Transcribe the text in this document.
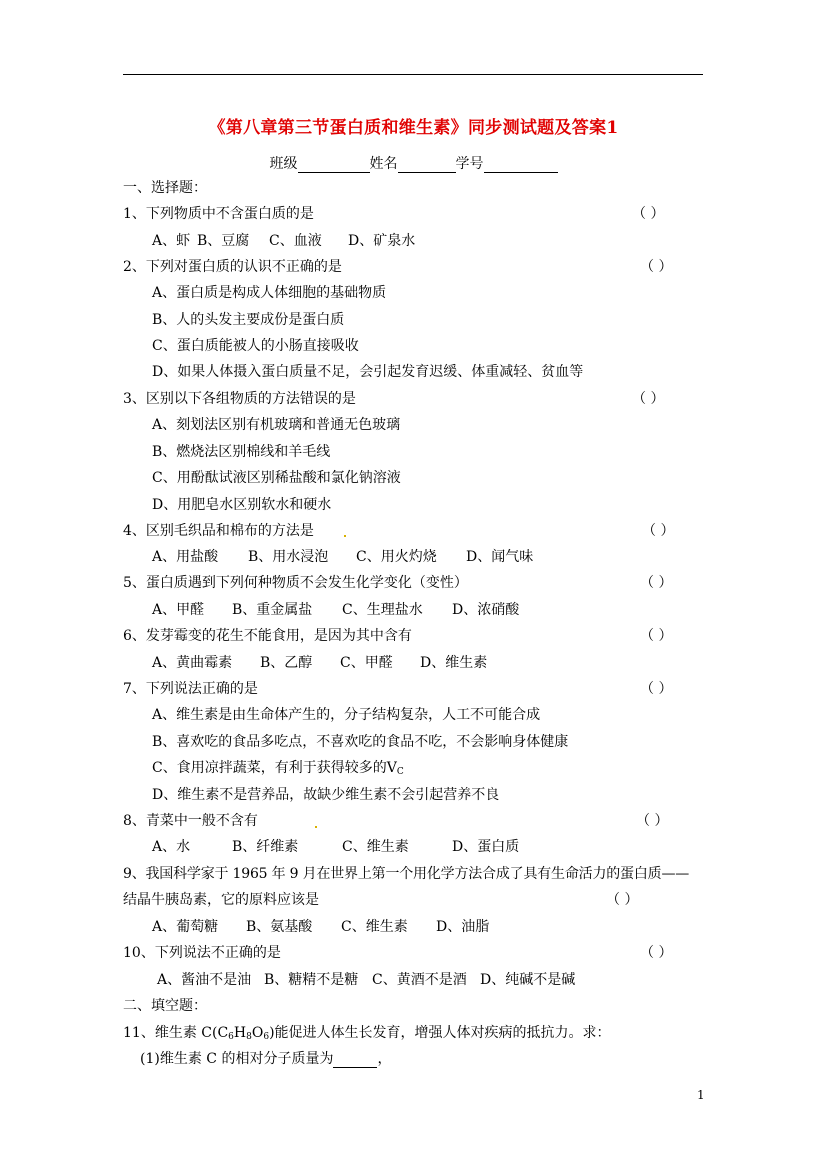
《第八章第三节蛋白质和维生素》同步测试题及答案1
班级	姓名	学号
一、选择题：
1、下列物质中不含蛋白质的是	（ ）
A、虾 B、豆腐 C、血液 D、矿泉水
2、下列对蛋白质的认识不正确的是	（ ）
A、蛋白质是构成人体细胞的基础物质
B、人的头发主要成份是蛋白质
C、蛋白质能被人的小肠直接吸收
D、如果人体摄入蛋白质量不足，会引起发育迟缓、体重减轻、贫血等
3、区别以下各组物质的方法错误的是	（ ）
A、刻划法区别有机玻璃和普通无色玻璃
B、燃烧法区别棉线和羊毛线
C、用酚酞试液区别稀盐酸和氯化钠溶液
D、用肥皂水区别软水和硬水
4、区别毛织品和棉布的方法是	（ ）
A、用盐酸 B、用水浸泡 C、用火灼烧 D、闻气味
5、蛋白质遇到下列何种物质不会发生化学变化（变性）	（ ）
A、甲醛 B、重金属盐 C、生理盐水 D、浓硝酸
6、发芽霉变的花生不能食用，是因为其中含有	（ ）
A、黄曲霉素 B、乙醇 C、甲醛 D、维生素
7、下列说法正确的是	（ ）
A、维生素是由生命体产生的，分子结构复杂，人工不可能合成
B、喜欢吃的食品多吃点，不喜欢吃的食品不吃，不会影响身体健康
C、食用凉拌蔬菜，有利于获得较多的$V_C$
D、维生素不是营养品，故缺少维生素不会引起营养不良
8、青菜中一般不含有	（ ）
A、水	B、纤维素	C、维生素	D、蛋白质
9、我国科学家于 1965 年 9 月在世界上第一个用化学方法合成了具有生命活力的蛋白质——
结晶牛胰岛素，它的原料应该是	（ ）
A、葡萄糖 B、氨基酸 C、维生素 D、油脂
10、下列说法不正确的是	（ ）
A、酱油不是油 B、糖精不是糖 C、黄酒不是酒 D、纯碱不是碱
二、填空题：
11、维生素 $C(C_6H_8O_6)$能促进人体生长发育，增强人体对疾病的抵抗力。求：
(1)维生素 C 的相对分子质量为	，
1
